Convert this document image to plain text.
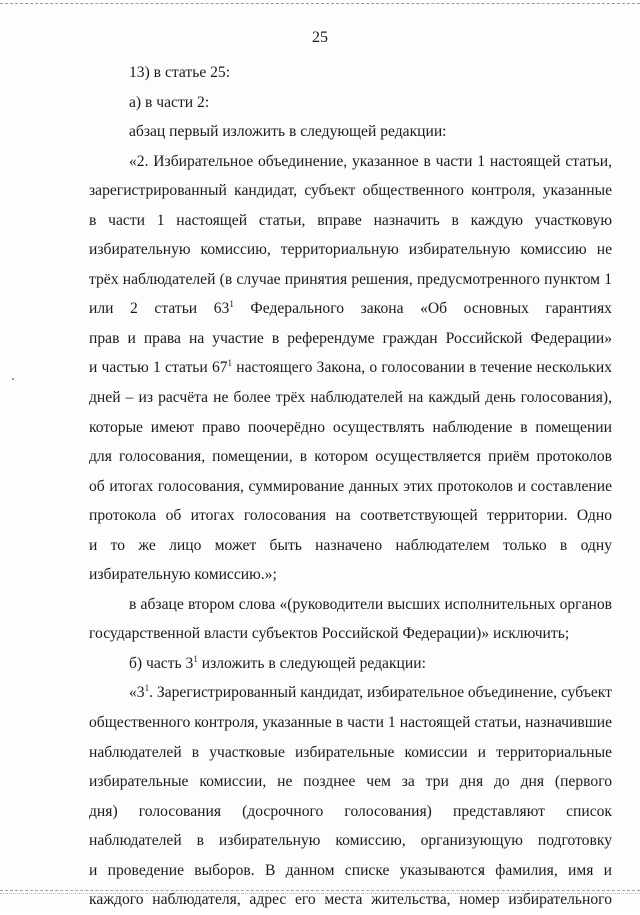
25
13) в статье 25:
а) в части 2:
абзац первый изложить в следующей редакции:
«2. Избирательное объединение, указанное в части 1 настоящей статьи,
зарегистрированный кандидат, субъект общественного контроля, указанные
в части 1 настоящей статьи, вправе назначить в каждую участковую
избирательную комиссию, территориальную избирательную комиссию не
трёх наблюдателей (в случае принятия решения, предусмотренного пунктом 1
или 2 статьи $63^1$ Федерального закона «Об основных гарантиях
прав и права на участие в референдуме граждан Российской Федерации»
и частью 1 статьи $67^1$ настоящего Закона, о голосовании в течение нескольких
дней – из расчёта не более трёх наблюдателей на каждый день голосования),
которые имеют право поочерёдно осуществлять наблюдение в помещении
для голосования, помещении, в котором осуществляется приём протоколов
об итогах голосования, суммирование данных этих протоколов и составление
протокола об итогах голосования на соответствующей территории. Одно
и то же лицо может быть назначено наблюдателем только в одну
избирательную комиссию.»;
в абзаце втором слова «(руководители высших исполнительных органов
государственной власти субъектов Российской Федерации)» исключить;
б) часть $3^1$ изложить в следующей редакции:
«$3^1$. Зарегистрированный кандидат, избирательное объединение, субъект
общественного контроля, указанные в части 1 настоящей статьи, назначившие
наблюдателей в участковые избирательные комиссии и территориальные
избирательные комиссии, не позднее чем за три дня до дня (первого
дня) голосования (досрочного голосования) представляют список
наблюдателей в избирательную комиссию, организующую подготовку
и проведение выборов. В данном списке указываются фамилия, имя и
каждого наблюдателя, адрес его места жительства, номер избирательного
